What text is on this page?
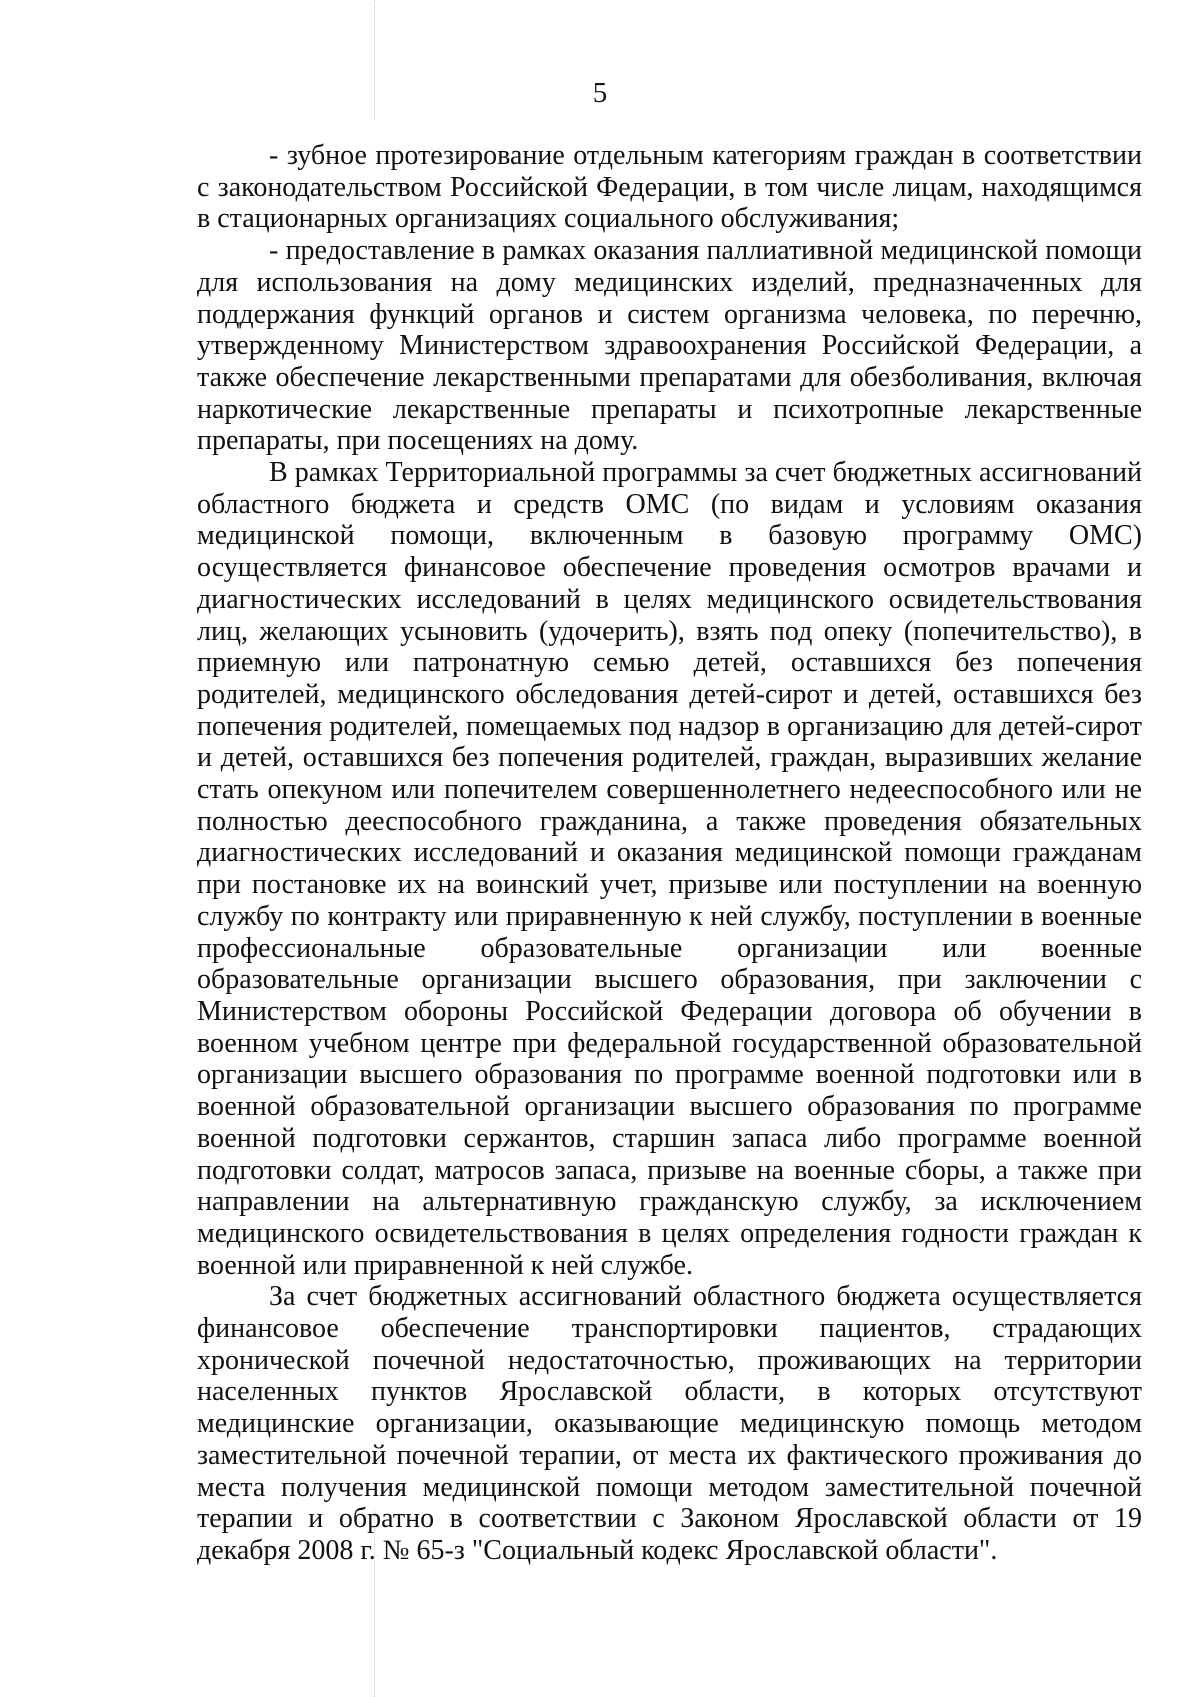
5

- зубное протезирование отдельным категориям граждан в соответствии с законодательством Российской Федерации, в том числе лицам, находящимся в стационарных организациях социального обслуживания;

- предоставление в рамках оказания паллиативной медицинской помощи для использования на дому медицинских изделий, предназначенных для поддержания функций органов и систем организма человека, по перечню, утвержденному Министерством здравоохранения Российской Федерации, а также обеспечение лекарственными препаратами для обезболивания, включая наркотические лекарственные препараты и психотропные лекарственные препараты, при посещениях на дому.

В рамках Территориальной программы за счет бюджетных ассигнований областного бюджета и средств ОМС (по видам и условиям оказания медицинской помощи, включенным в базовую программу ОМС) осуществляется финансовое обеспечение проведения осмотров врачами и диагностических исследований в целях медицинского освидетельствования лиц, желающих усыновить (удочерить), взять под опеку (попечительство), в приемную или патронатную семью детей, оставшихся без попечения родителей, медицинского обследования детей-сирот и детей, оставшихся без попечения родителей, помещаемых под надзор в организацию для детей-сирот и детей, оставшихся без попечения родителей, граждан, выразивших желание стать опекуном или попечителем совершеннолетнего недееспособного или не полностью дееспособного гражданина, а также проведения обязательных диагностических исследований и оказания медицинской помощи гражданам при постановке их на воинский учет, призыве или поступлении на военную службу по контракту или приравненную к ней службу, поступлении в военные профессиональные образовательные организации или военные образовательные организации высшего образования, при заключении с Министерством обороны Российской Федерации договора об обучении в военном учебном центре при федеральной государственной образовательной организации высшего образования по программе военной подготовки или в военной образовательной организации высшего образования по программе военной подготовки сержантов, старшин запаса либо программе военной подготовки солдат, матросов запаса, призыве на военные сборы, а также при направлении на альтернативную гражданскую службу, за исключением медицинского освидетельствования в целях определения годности граждан к военной или приравненной к ней службе.

За счет бюджетных ассигнований областного бюджета осуществляется финансовое обеспечение транспортировки пациентов, страдающих хронической почечной недостаточностью, проживающих на территории населенных пунктов Ярославской области, в которых отсутствуют медицинские организации, оказывающие медицинскую помощь методом заместительной почечной терапии, от места их фактического проживания до места получения медицинской помощи методом заместительной почечной терапии и обратно в соответствии с Законом Ярославской области от 19 декабря 2008 г. № 65-з "Социальный кодекс Ярославской области".
